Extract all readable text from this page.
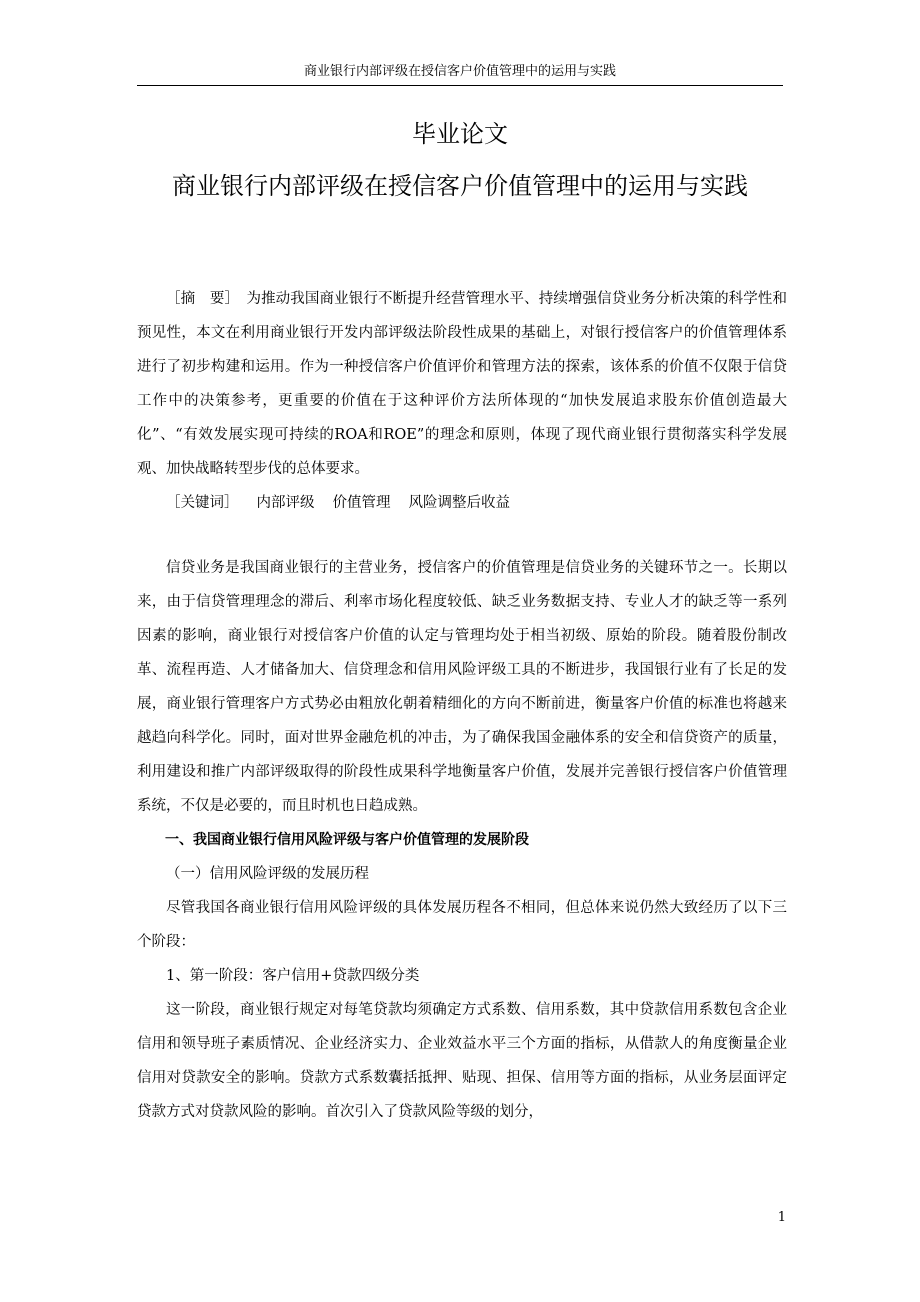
商业银行内部评级在授信客户价值管理中的运用与实践
毕业论文
商业银行内部评级在授信客户价值管理中的运用与实践

［摘　要］　 为推动我国商业银行不断提升经营管理水平、持续增强信贷业务分析决策的科学性和预见性，本文在利用商业银行开发内部评级法阶段性成果的基础上，对银行授信客户的价值管理体系进行了初步构建和运用。作为一种授信客户价值评价和管理方法的探索，该体系的价值不仅限于信贷工作中的决策参考，更重要的价值在于这种评价方法所体现的“加快发展追求股东价值创造最大化”、“有效发展实现可持续的ROA和ROE”的理念和原则，体现了现代商业银行贯彻落实科学发展观、加快战略转型步伐的总体要求。

［关键词］ 内部评级 价值管理 风险调整后收益

信贷业务是我国商业银行的主营业务，授信客户的价值管理是信贷业务的关键环节之一。长期以来，由于信贷管理理念的滞后、利率市场化程度较低、缺乏业务数据支持、专业人才的缺乏等一系列因素的影响，商业银行对授信客户价值的认定与管理均处于相当初级、原始的阶段。随着股份制改革、流程再造、人才储备加大、信贷理念和信用风险评级工具的不断进步，我国银行业有了长足的发展，商业银行管理客户方式势必由粗放化朝着精细化的方向不断前进，衡量客户价值的标准也将越来越趋向科学化。同时，面对世界金融危机的冲击，为了确保我国金融体系的安全和信贷资产的质量，利用建设和推广内部评级取得的阶段性成果科学地衡量客户价值，发展并完善银行授信客户价值管理系统，不仅是必要的，而且时机也日趋成熟。

一、我国商业银行信用风险评级与客户价值管理的发展阶段

（一）信用风险评级的发展历程

尽管我国各商业银行信用风险评级的具体发展历程各不相同，但总体来说仍然大致经历了以下三个阶段：

1、第一阶段：客户信用+贷款四级分类

这一阶段，商业银行规定对每笔贷款均须确定方式系数、信用系数，其中贷款信用系数包含企业信用和领导班子素质情况、企业经济实力、企业效益水平三个方面的指标，从借款人的角度衡量企业信用对贷款安全的影响。贷款方式系数囊括抵押、贴现、担保、信用等方面的指标，从业务层面评定贷款方式对贷款风险的影响。首次引入了贷款风险等级的划分，

1
